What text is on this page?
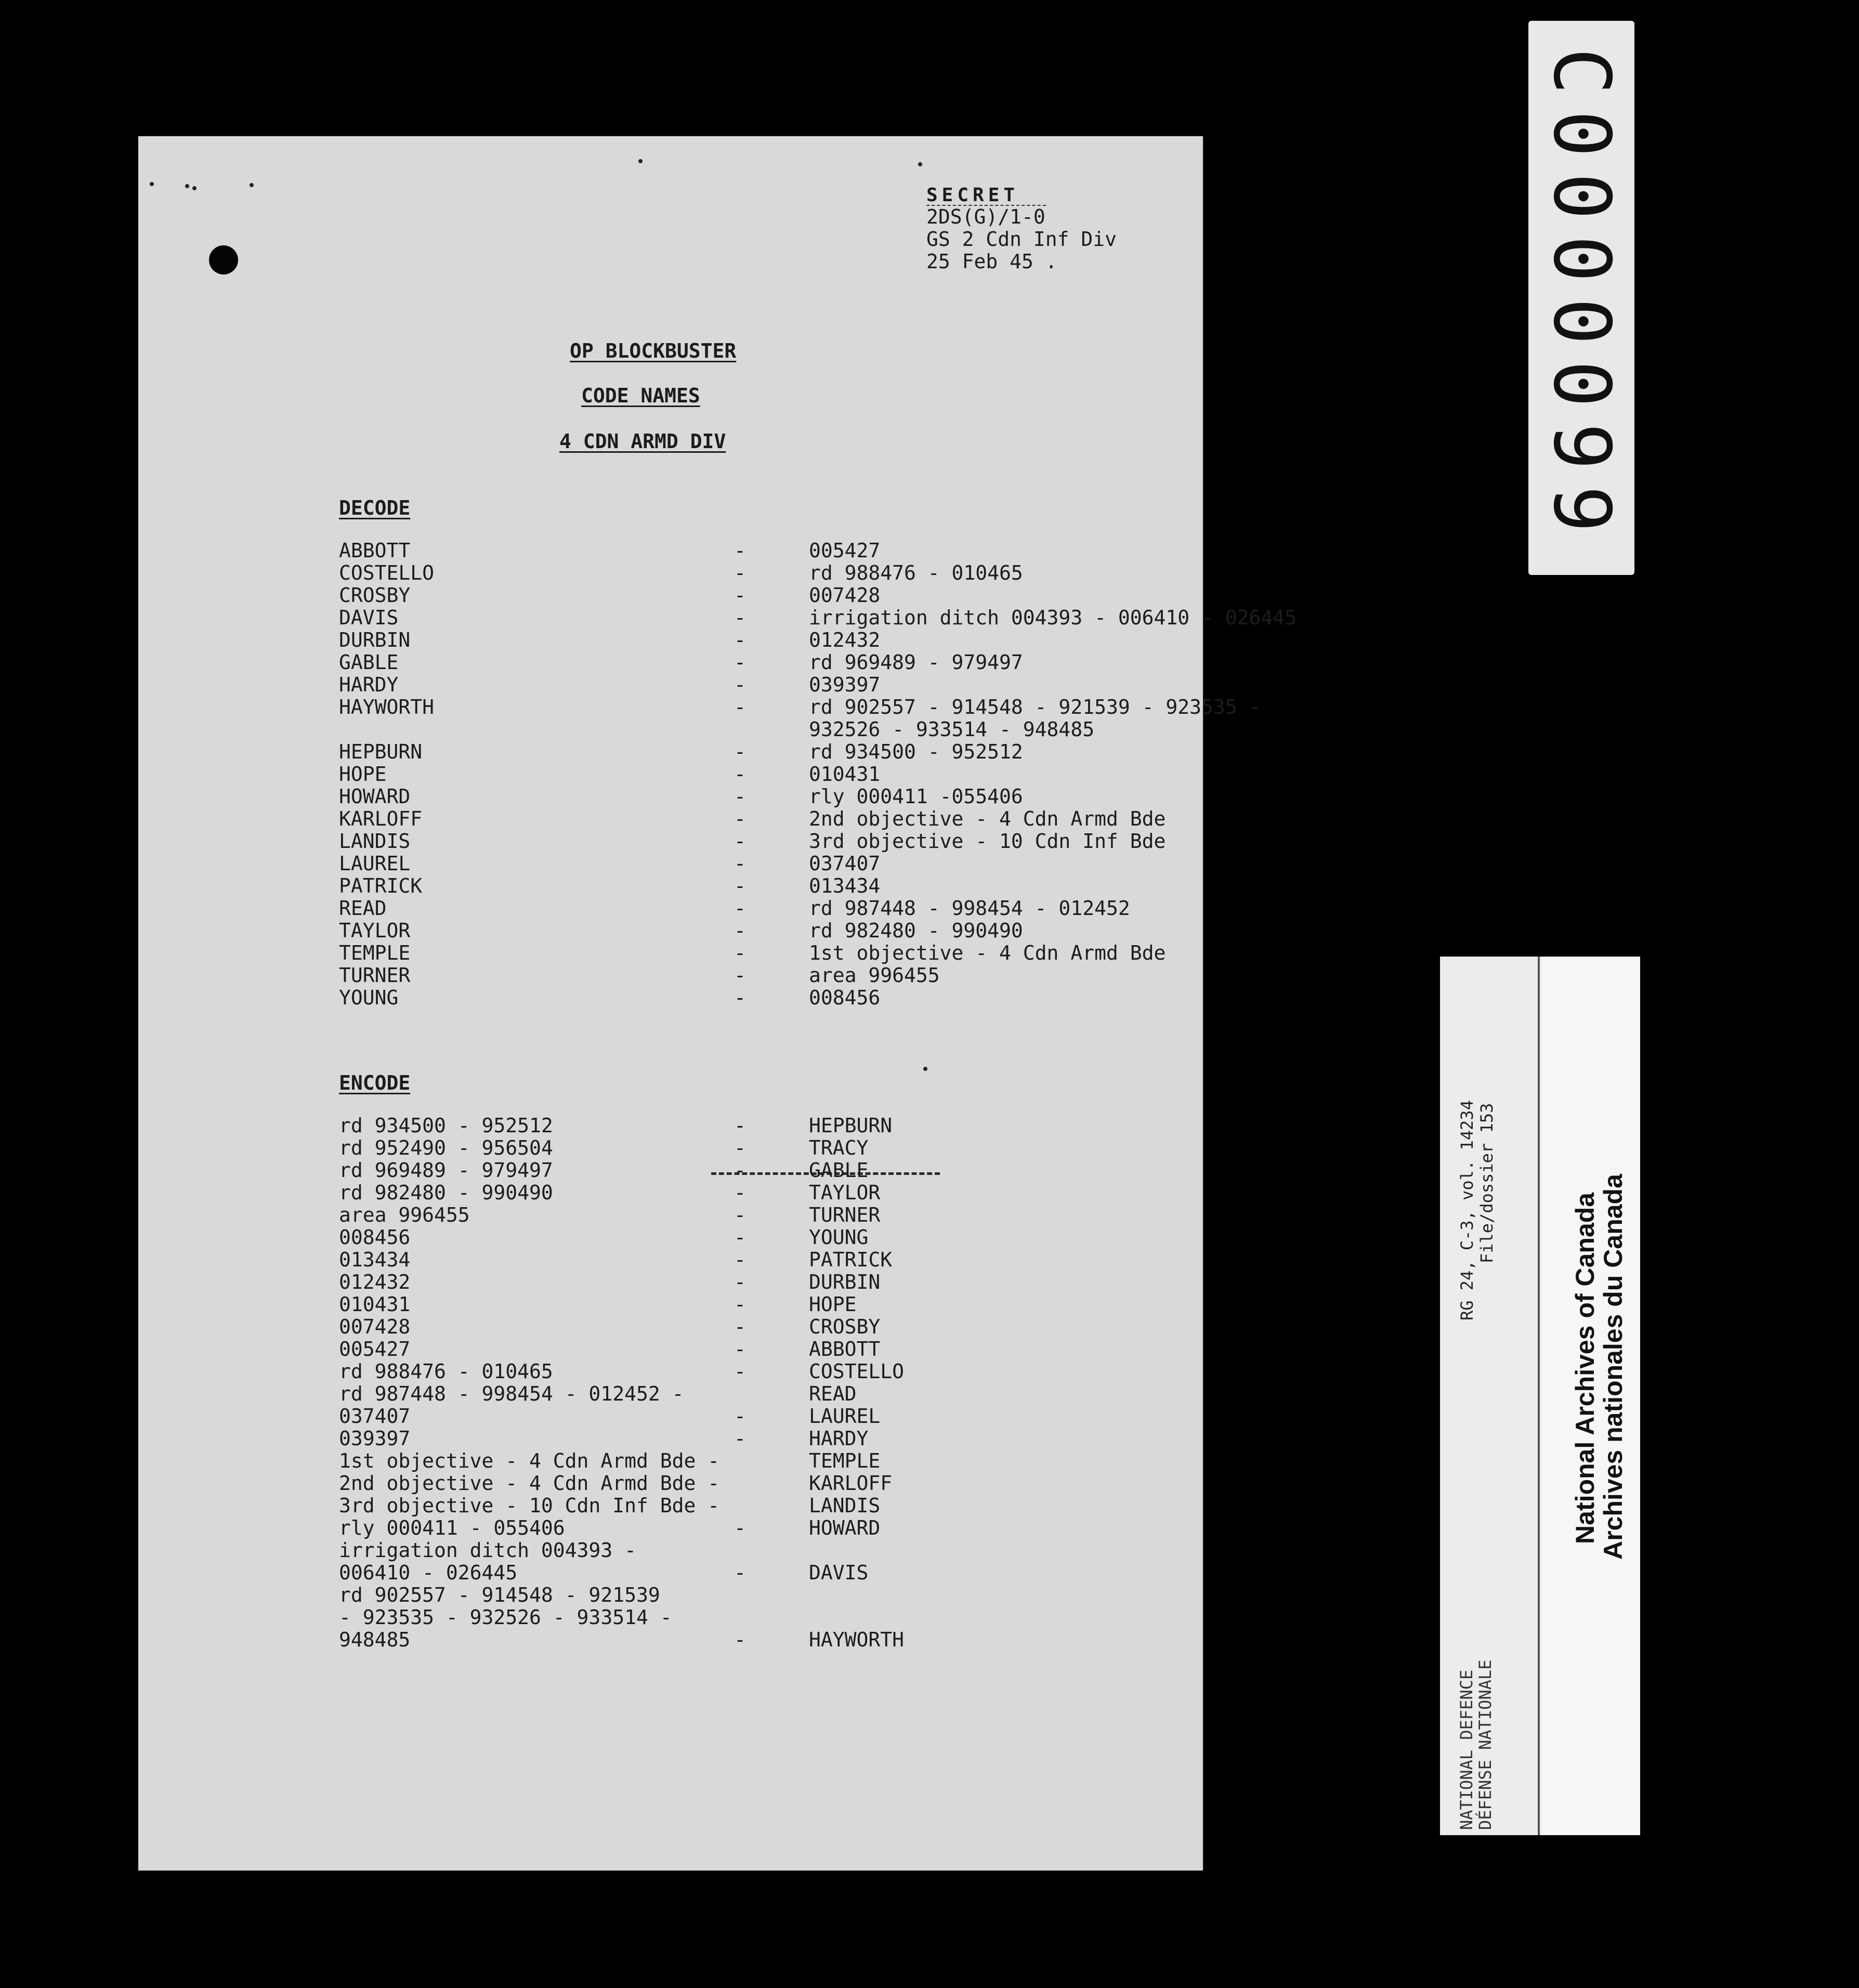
SECRET
2DS(G)/1-0
GS 2 Cdn Inf Div
25 Feb 45 .
OP BLOCKBUSTER
CODE NAMES
4 CDN ARMD DIV
DECODE
ABBOTT	-	005427
COSTELLO	-	rd 988476 - 010465
CROSBY	-	007428
DAVIS	-	irrigation ditch 004393 - 006410 - 026445
DURBIN	-	012432
GABLE	-	rd 969489 - 979497
HARDY	-	039397
HAYWORTH	-	rd 902557 - 914548 - 921539 - 923535 -
932526 - 933514 - 948485
HEPBURN	-	rd 934500 - 952512
HOPE	-	010431
HOWARD	-	rly 000411 -055406
KARLOFF	-	2nd objective - 4 Cdn Armd Bde
LANDIS	-	3rd objective - 10 Cdn Inf Bde
LAUREL	-	037407
PATRICK	-	013434
READ	-	rd 987448 - 998454 - 012452
TAYLOR	-	rd 982480 - 990490
TEMPLE	-	1st objective - 4 Cdn Armd Bde
TURNER	-	area 996455
YOUNG	-	008456
ENCODE
rd 934500 - 952512	-	HEPBURN
rd 952490 - 956504	-	TRACY
rd 969489 - 979497	-	GABLE
rd 982480 - 990490	-	TAYLOR
area 996455	-	TURNER
008456	-	YOUNG
013434	-	PATRICK
012432	-	DURBIN
010431	-	HOPE
007428	-	CROSBY
005427	-	ABBOTT
rd 988476 - 010465	-	COSTELLO
rd 987448 - 998454 - 012452 -	READ
037407	-	LAUREL
039397	-	HARDY
1st objective - 4 Cdn Armd Bde -	TEMPLE
2nd objective - 4 Cdn Armd Bde -	KARLOFF
3rd objective - 10 Cdn Inf Bde -	LANDIS
rly 000411 - 055406	-	HOWARD
irrigation ditch 004393 -
006410 - 026445	-	DAVIS
rd 902557 - 914548 - 921539
- 923535 - 932526 - 933514 -
948485	-	HAYWORTH
C0000099
RG 24, C-3, vol. 14234 File/dossier 153
NATIONAL DEFENCE
DÉFENSE NATIONALE
National Archives of Canada
Archives nationales du Canada
